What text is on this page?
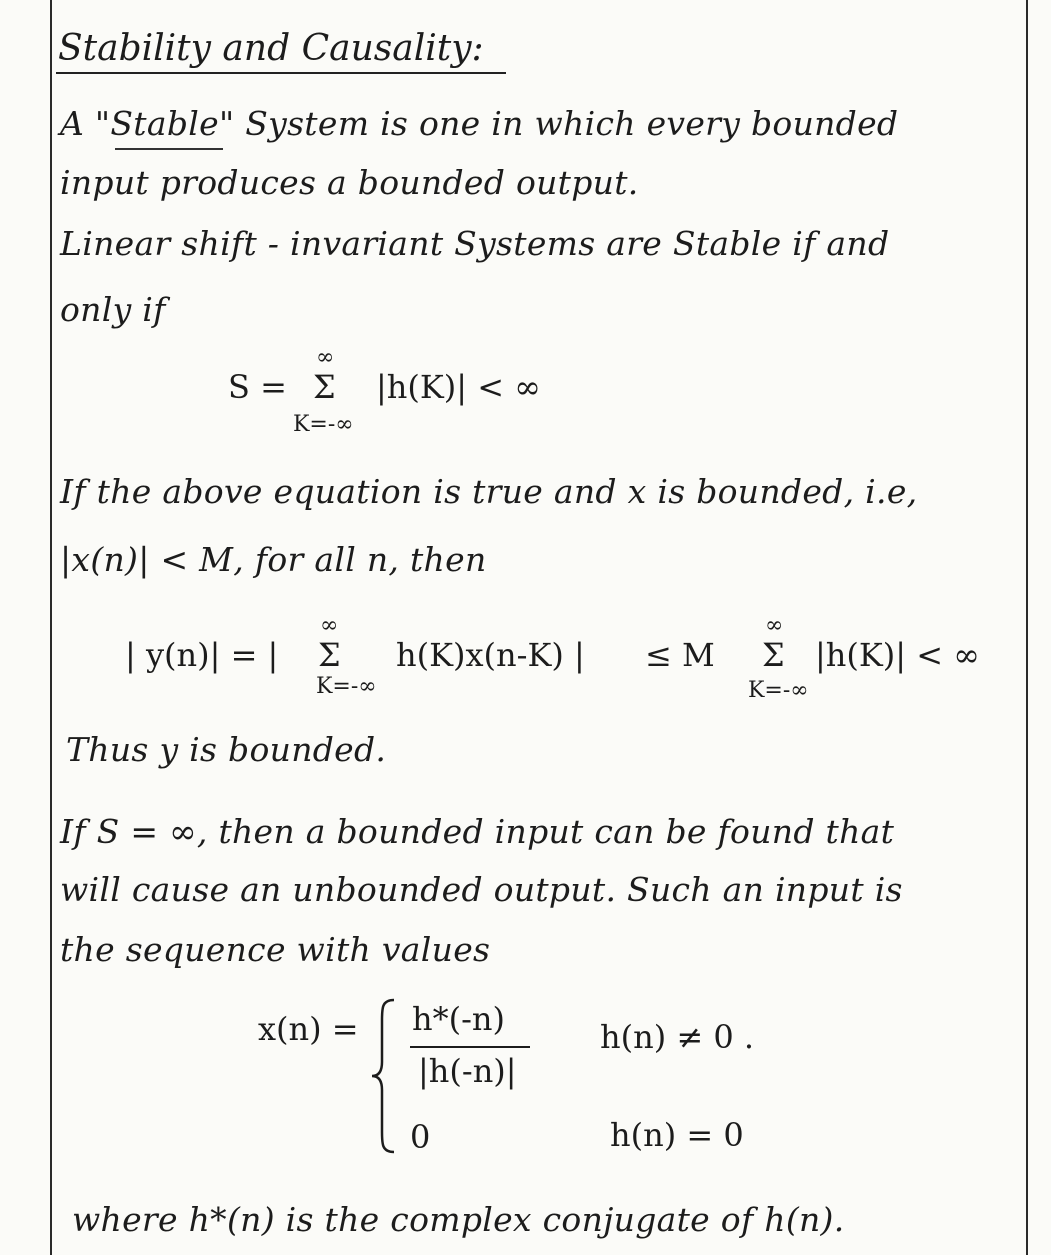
Stability and Causality:
A "Stable" System is one in which every bounded
input produces a bounded output.
Linear shift - invariant Systems are Stable if and
only if
S =
∞
Σ
K=-∞
|h(K)| < ∞
If the above equation is true and x is bounded, i.e,
|x(n)| < M, for all n, then
| y(n)| = |
∞
Σ
K=-∞
h(K)x(n-K) | ≤ M
∞
Σ
K=-∞
|h(K)| < ∞
Thus y is bounded.
If S = ∞, then a bounded input can be found that
will cause an unbounded output. Such an input is
the sequence with values
x(n) = h*(-n)
|h(-n)|
h(n) ≠ 0 .
0	h(n) = 0
where h*(n) is the complex conjugate of h(n).
